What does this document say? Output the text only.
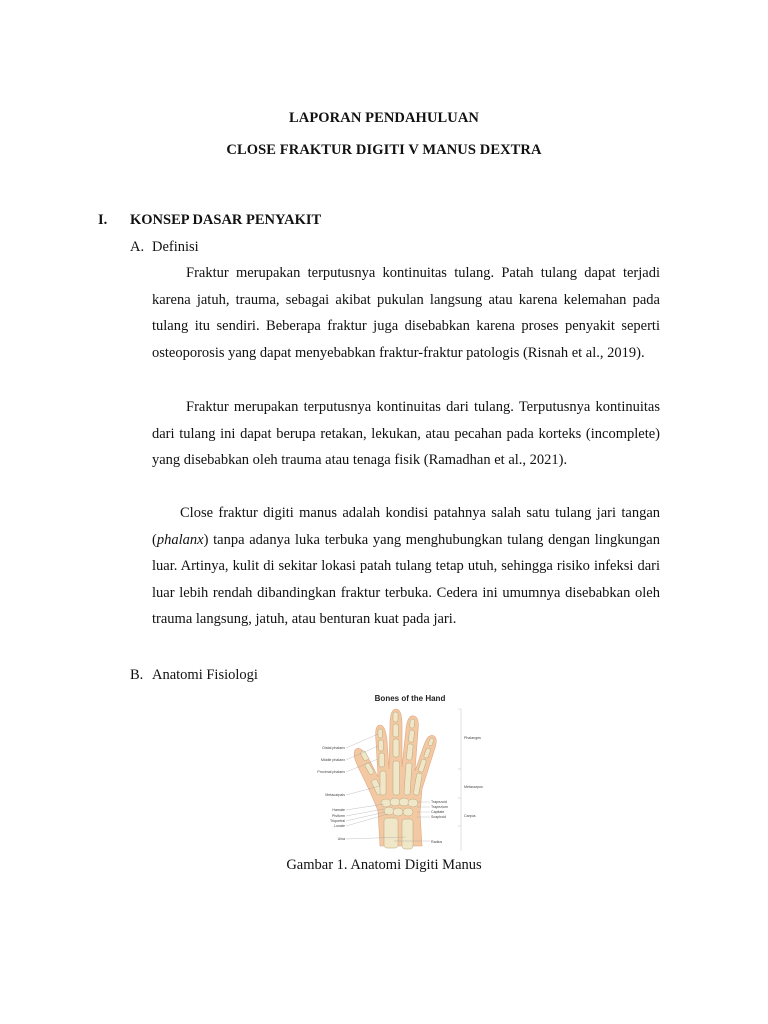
LAPORAN PENDAHULUAN
CLOSE FRAKTUR DIGITI V MANUS DEXTRA
I. KONSEP DASAR PENYAKIT
A. Definisi

Fraktur merupakan terputusnya kontinuitas tulang. Patah tulang dapat terjadi karena jatuh, trauma, sebagai akibat pukulan langsung atau karena kelemahan pada tulang itu sendiri. Beberapa fraktur juga disebabkan karena proses penyakit seperti osteoporosis yang dapat menyebabkan fraktur-fraktur patologis (Risnah et al., 2019).

Fraktur merupakan terputusnya kontinuitas dari tulang. Terputusnya kontinuitas dari tulang ini dapat berupa retakan, lekukan, atau pecahan pada korteks (incomplete) yang disebabkan oleh trauma atau tenaga fisik (Ramadhan et al., 2021).

Close fraktur digiti manus adalah kondisi patahnya salah satu tulang jari tangan (phalanx) tanpa adanya luka terbuka yang menghubungkan tulang dengan lingkungan luar. Artinya, kulit di sekitar lokasi patah tulang tetap utuh, sehingga risiko infeksi dari luar lebih rendah dibandingkan fraktur terbuka. Cedera ini umumnya disebabkan oleh trauma langsung, jatuh, atau benturan kuat pada jari.

B. Anatomi Fisiologi
Bones of the Hand
Distal phalanx
Middle phalanx
Proximal phalanx
Metacarpals
Hamate
Pisiform
Triquetral
Lunate
Ulna
Phalanges
Metacarpus
Trapezoid
Trapezium
Capitate
Scaphoid	Carpus
Radius
Gambar 1. Anatomi Digiti Manus
